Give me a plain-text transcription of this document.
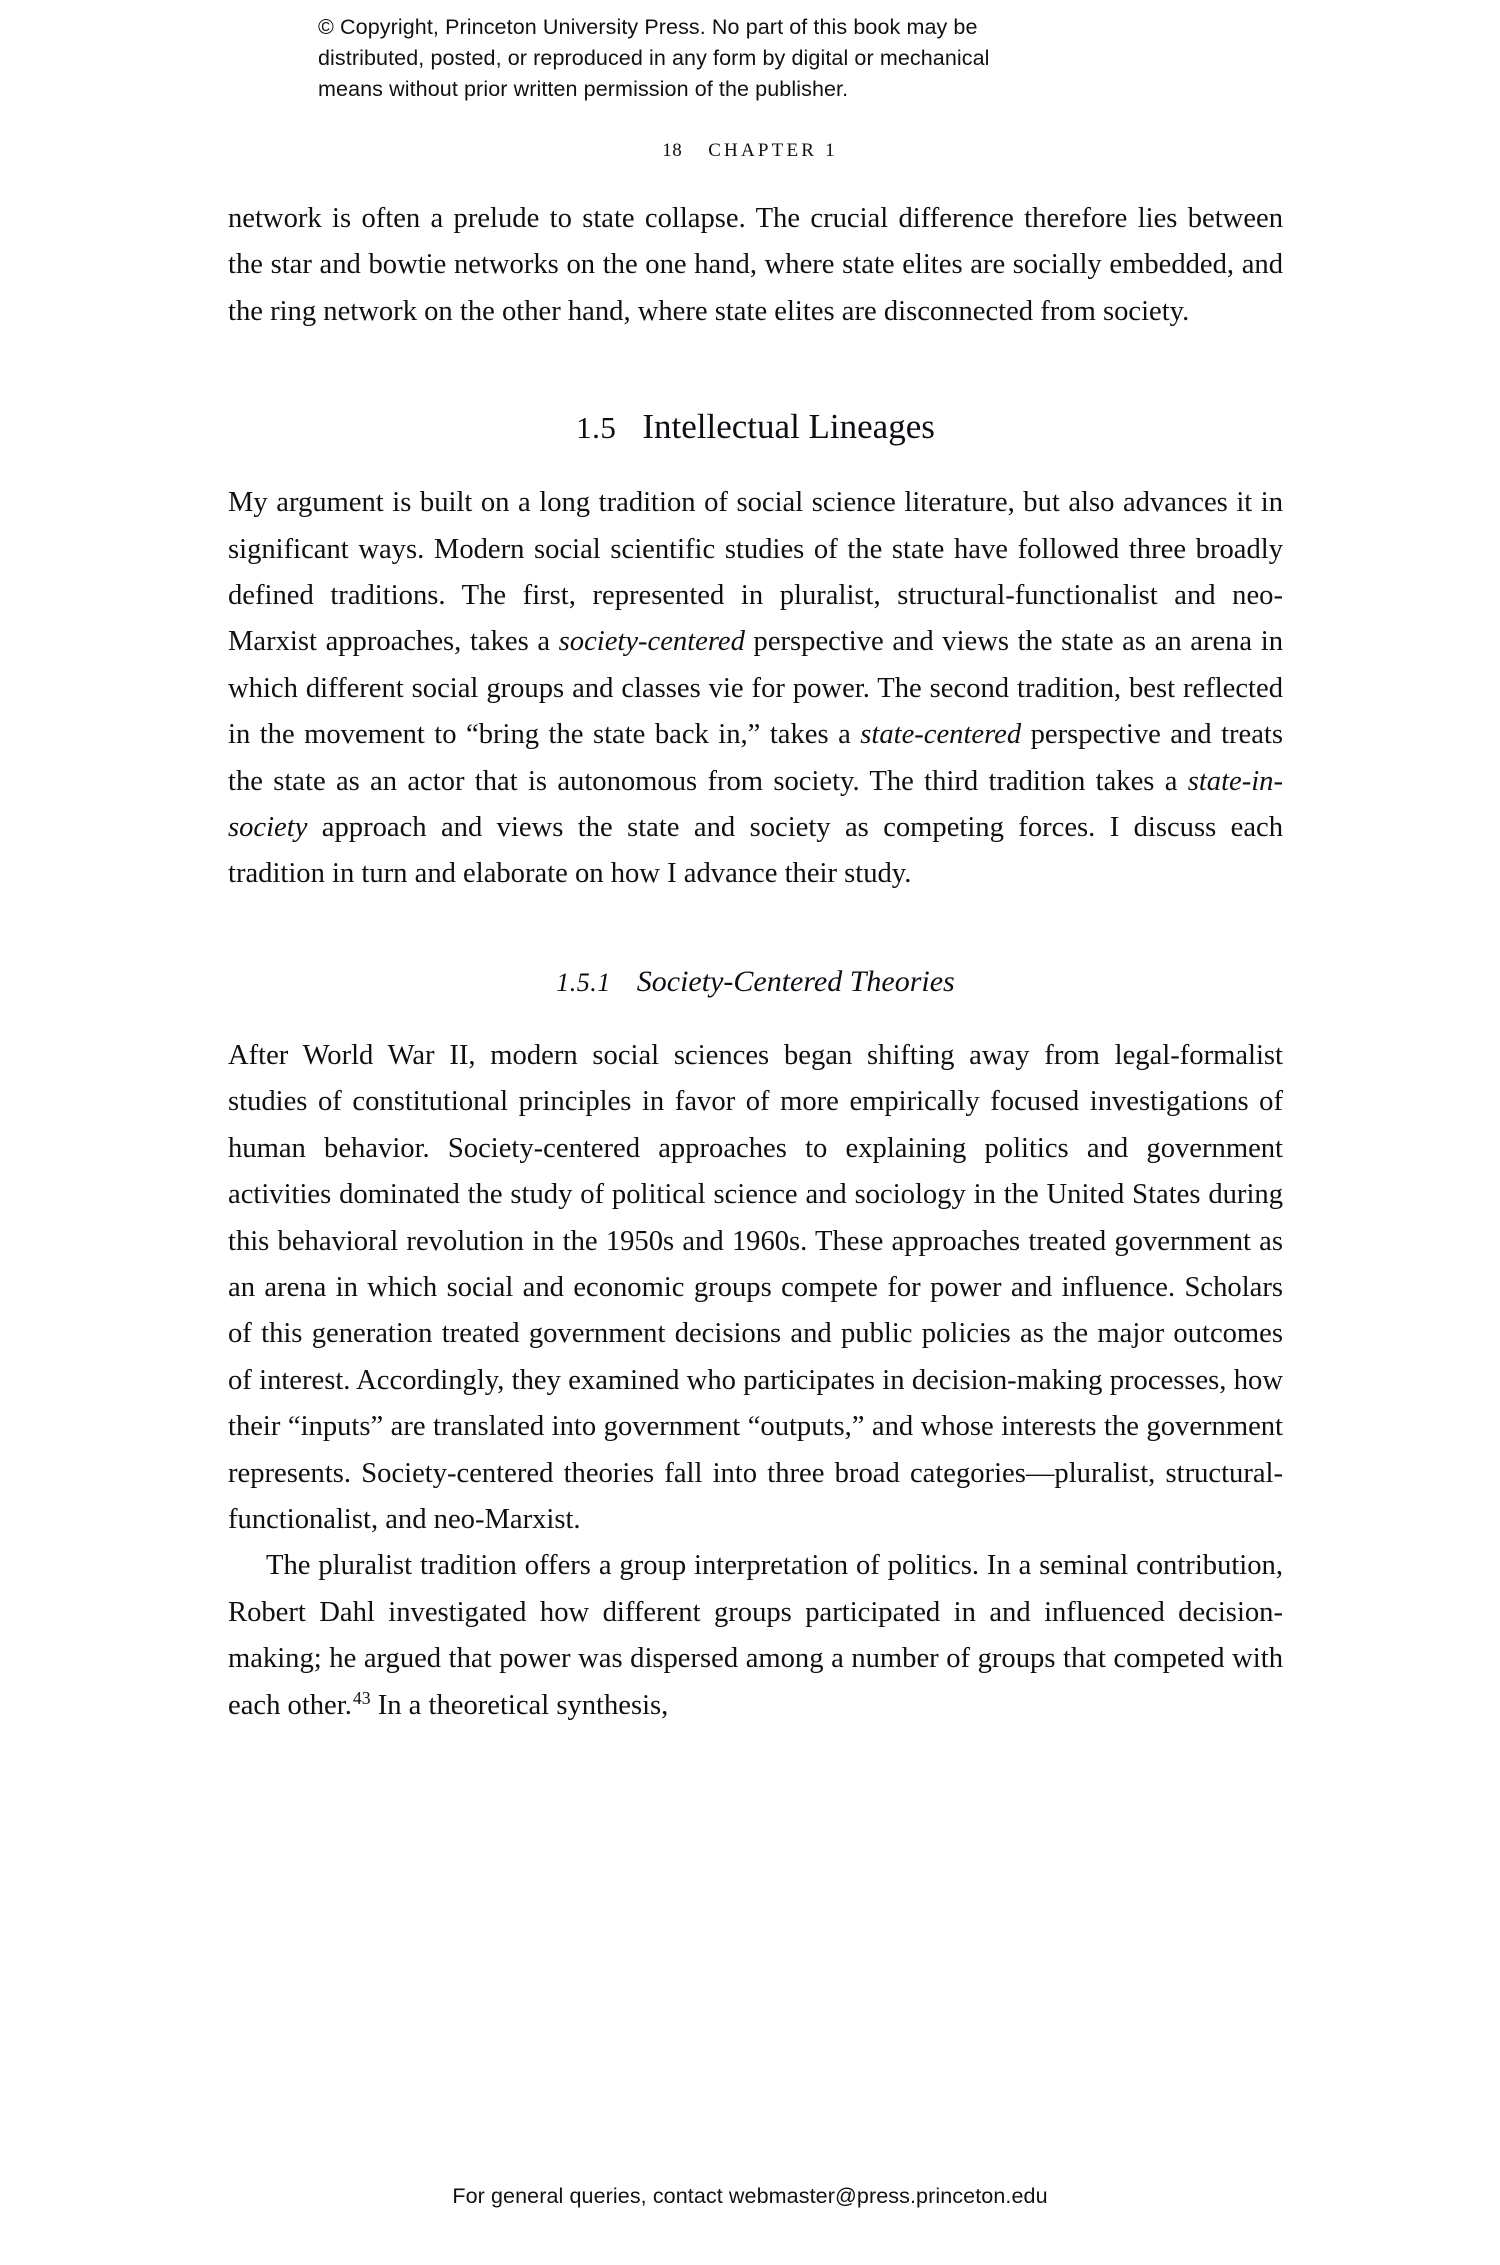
© Copyright, Princeton University Press. No part of this book may be
distributed, posted, or reproduced in any form by digital or mechanical
means without prior written permission of the publisher.
18 CHAPTER 1

network is often a prelude to state collapse. The crucial difference therefore lies between the star and bowtie networks on the one hand, where state elites are socially embedded, and the ring network on the other hand, where state elites are disconnected from society.

1.5 Intellectual Lineages

My argument is built on a long tradition of social science literature, but also advances it in significant ways. Modern social scientific studies of the state have followed three broadly defined traditions. The first, represented in pluralist, structural-functionalist and neo-Marxist approaches, takes a society-centered perspective and views the state as an arena in which different social groups and classes vie for power. The second tradition, best reflected in the movement to “bring the state back in,” takes a state-centered perspective and treats the state as an actor that is autonomous from society. The third tradition takes a state-in-society approach and views the state and society as competing forces. I discuss each tradition in turn and elaborate on how I advance their study.

1.5.1 Society-Centered Theories

After World War II, modern social sciences began shifting away from legal-formalist studies of constitutional principles in favor of more empirically focused investigations of human behavior. Society-centered approaches to explaining politics and government activities dominated the study of political science and sociology in the United States during this behavioral revolution in the 1950s and 1960s. These approaches treated government as an arena in which social and economic groups compete for power and influence. Scholars of this generation treated government decisions and public policies as the major outcomes of interest. Accordingly, they examined who participates in decision-making processes, how their “inputs” are translated into government “outputs,” and whose interests the government represents. Society-centered theories fall into three broad categories—pluralist, structural-functionalist, and neo-Marxist.

The pluralist tradition offers a group interpretation of politics. In a seminal contribution, Robert Dahl investigated how different groups participated in and influenced decision-making; he argued that power was dispersed among a number of groups that competed with each other.$^{43}$ In a theoretical synthesis,

For general queries, contact webmaster@press.princeton.edu
